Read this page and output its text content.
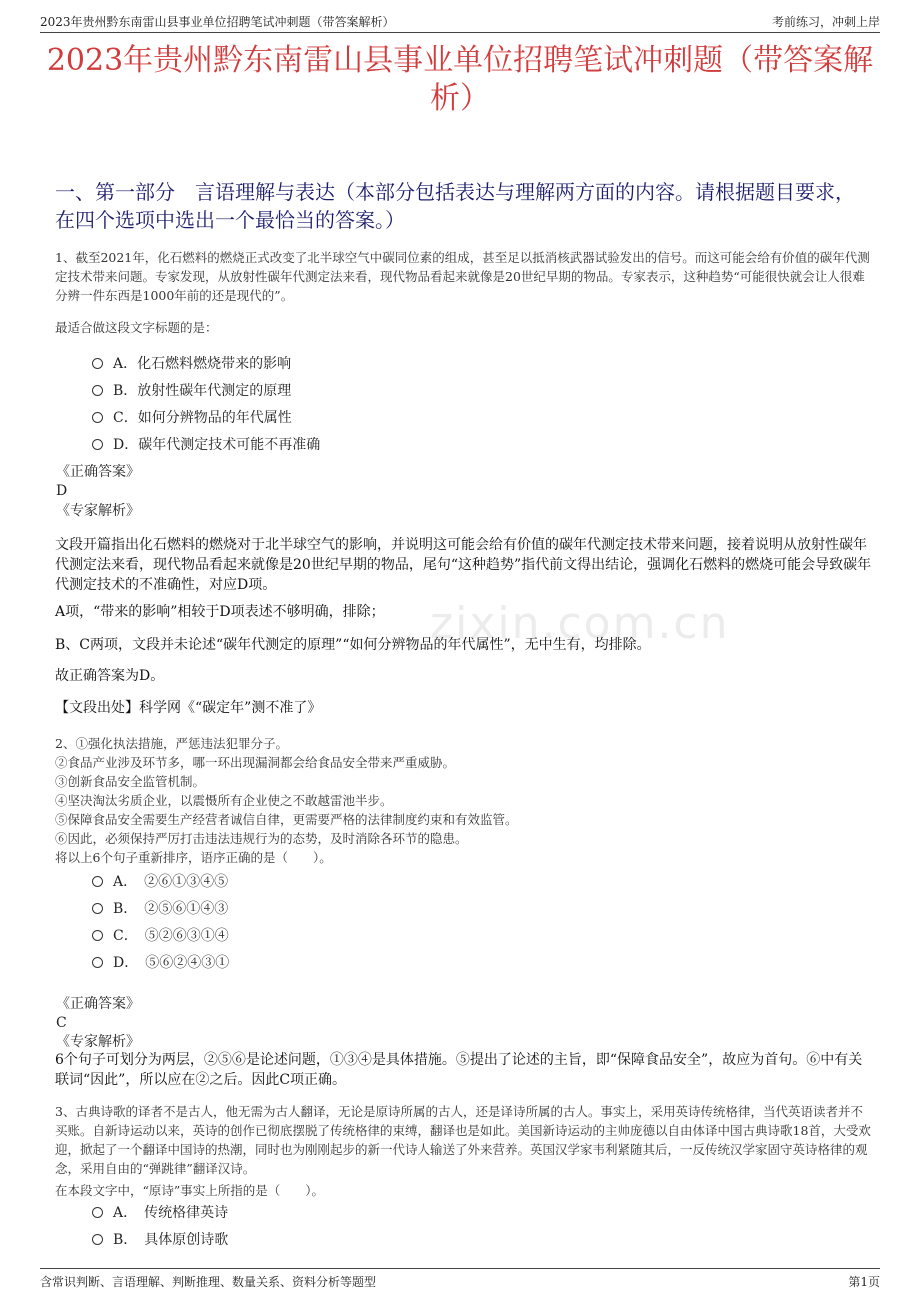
2023年贵州黔东南雷山县事业单位招聘笔试冲刺题（带答案解析）	考前练习，冲刺上岸
zixin.com.cn
2023年贵州黔东南雷山县事业单位招聘笔试冲刺题（带答案解析）
一、第一部分　言语理解与表达（本部分包括表达与理解两方面的内容。请根据题目要求，在四个选项中选出一个最恰当的答案。）
1、截至2021年，化石燃料的燃烧正式改变了北半球空气中碳同位素的组成，甚至足以抵消核武器试验发出的信号。而这可能会给有价值的碳年代测定技术带来问题。专家发现，从放射性碳年代测定法来看，现代物品看起来就像是20世纪早期的物品。专家表示，这种趋势“可能很快就会让人很难分辨一件东西是1000年前的还是现代的”。
最适合做这段文字标题的是：
A．化石燃料燃烧带来的影响
B．放射性碳年代测定的原理
C．如何分辨物品的年代属性
D．碳年代测定技术可能不再准确
《正确答案》
D
《专家解析》
文段开篇指出化石燃料的燃烧对于北半球空气的影响，并说明这可能会给有价值的碳年代测定技术带来问题，接着说明从放射性碳年代测定法来看，现代物品看起来就像是20世纪早期的物品，尾句“这种趋势”指代前文得出结论，强调化石燃料的燃烧可能会导致碳年代测定技术的不准确性，对应D项。
A项，“带来的影响”相较于D项表述不够明确，排除；
B、C两项，文段并未论述“碳年代测定的原理”“如何分辨物品的年代属性”，无中生有，均排除。
故正确答案为D。
【文段出处】科学网《“碳定年”测不准了》
2、①强化执法措施，严惩违法犯罪分子。
②食品产业涉及环节多，哪一环出现漏洞都会给食品安全带来严重威胁。
③创新食品安全监管机制。
④坚决淘汰劣质企业，以震慑所有企业使之不敢越雷池半步。
⑤保障食品安全需要生产经营者诚信自律，更需要严格的法律制度约束和有效监管。
⑥因此，必须保持严厉打击违法违规行为的态势，及时消除各环节的隐患。
将以上6个句子重新排序，语序正确的是（　　）。
A．　②⑥①③④⑤
B．　②⑤⑥①④③
C．　⑤②⑥③①④
D．　⑤⑥②④③①
《正确答案》
C
《专家解析》
6个句子可划分为两层，②⑤⑥是论述问题，①③④是具体措施。⑤提出了论述的主旨，即“保障食品安全”，故应为首句。⑥中有关联词“因此”，所以应在②之后。因此C项正确。
3、古典诗歌的译者不是古人，他无需为古人翻译，无论是原诗所属的古人，还是译诗所属的古人。事实上，采用英诗传统格律，当代英语读者并不买账。自新诗运动以来，英诗的创作已彻底摆脱了传统格律的束缚，翻译也是如此。美国新诗运动的主帅庞德以自由体译中国古典诗歌18首，大受欢迎，掀起了一个翻译中国诗的热潮，同时也为刚刚起步的新一代诗人输送了外来营养。英国汉学家韦利紧随其后，一反传统汉学家固守英诗格律的观念，采用自由的“弹跳律”翻译汉诗。
在本段文字中，“原诗”事实上所指的是（　　）。
A．　传统格律英诗
B．　具体原创诗歌
含常识判断、言语理解、判断推理、数量关系、资料分析等题型	第1页
